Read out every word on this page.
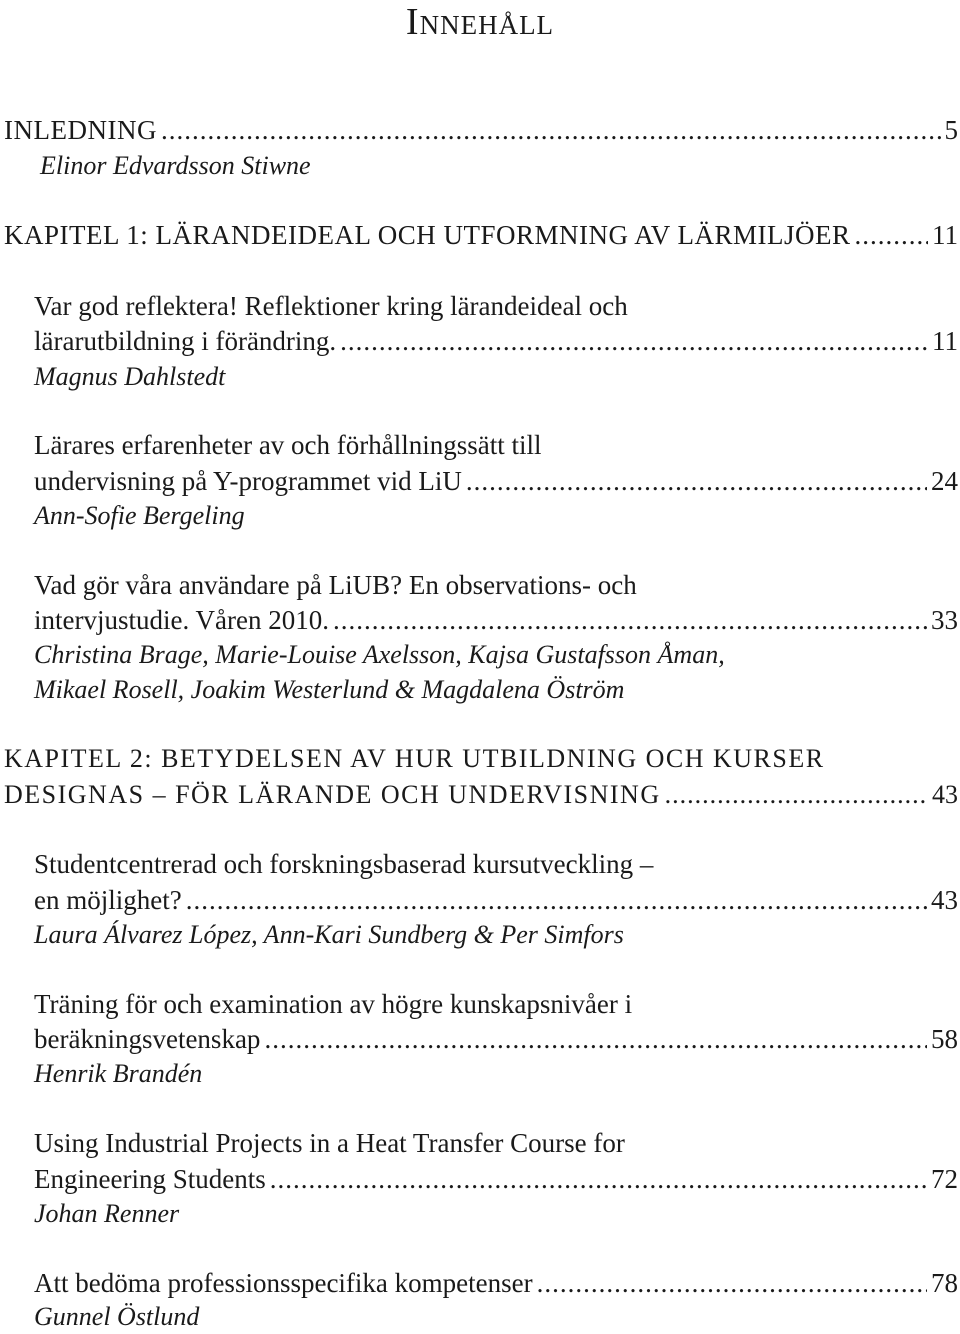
Innehåll
INLEDNING .....	5
Elinor Edvardsson Stiwne
KAPITEL 1: LÄRANDEIDEAL OCH UTFORMNING AV LÄRMILJÖER .....	11
Var god reflektera! Reflektioner kring lärandeideal och
lärarutbildning i förändring. .....	11
Magnus Dahlstedt
Lärares erfarenheter av och förhållningssätt till
undervisning på Y-programmet vid LiU .....	24
Ann-Sofie Bergeling
Vad gör våra användare på LiUB? En observations- och
intervjustudie. Våren 2010. .....	33
Christina Brage, Marie-Louise Axelsson, Kajsa Gustafsson Åman,
Mikael Rosell, Joakim Westerlund & Magdalena Öström
KAPITEL 2: BETYDELSEN AV HUR UTBILDNING OCH KURSER
DESIGNAS – FÖR LÄRANDE OCH UNDERVISNING .....	43
Studentcentrerad och forskningsbaserad kursutveckling –
en möjlighet? .....	43
Laura Álvarez López, Ann-Kari Sundberg & Per Simfors
Träning för och examination av högre kunskapsnivåer i
beräkningsvetenskap .....	58
Henrik Brandén
Using Industrial Projects in a Heat Transfer Course for
Engineering Students .....	72
Johan Renner
Att bedöma professionsspecifika kompetenser .....	78
Gunnel Östlund
